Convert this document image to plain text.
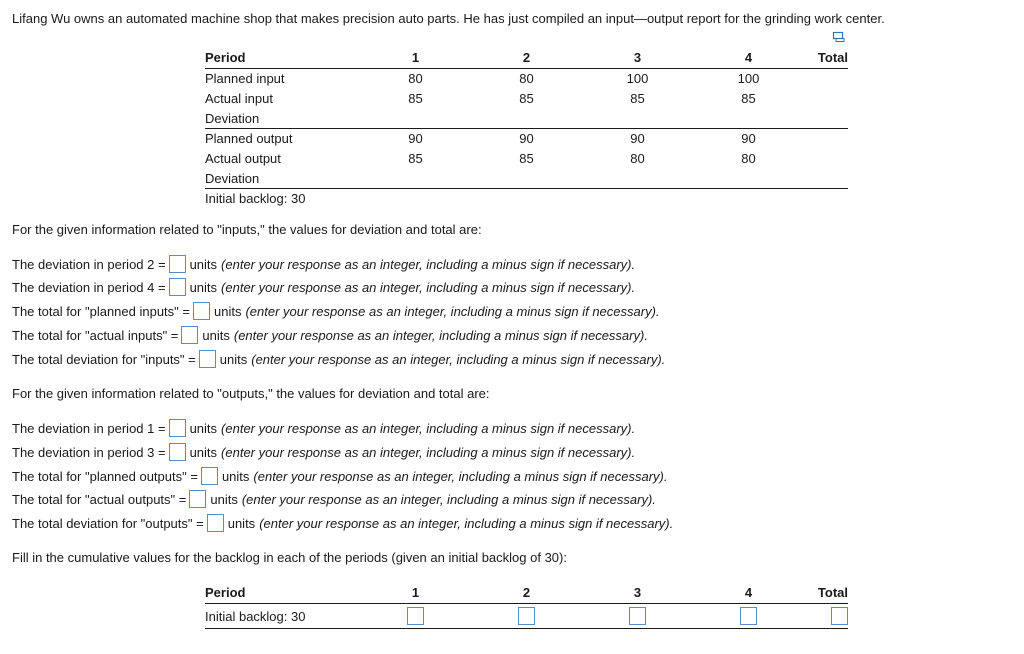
Lifang Wu owns an automated machine shop that makes precision auto parts. He has just compiled an input—output report for the grinding work center.
Period	1	2	3	4	Total
Planned input	80	80	100	100	
Actual input	85	85	85	85	
Deviation					
Planned output	90	90	90	90	
Actual output	85	85	80	80	
Deviation					
Initial backlog: 30					
For the given information related to "inputs," the values for deviation and total are:
The deviation in period 2 = units (enter your response as an integer, including a minus sign if necessary).
The deviation in period 4 = units (enter your response as an integer, including a minus sign if necessary).
The total for "planned inputs" = units (enter your response as an integer, including a minus sign if necessary).
The total for "actual inputs" = units (enter your response as an integer, including a minus sign if necessary).
The total deviation for "inputs" = units (enter your response as an integer, including a minus sign if necessary).
For the given information related to "outputs," the values for deviation and total are:
The deviation in period 1 = units (enter your response as an integer, including a minus sign if necessary).
The deviation in period 3 = units (enter your response as an integer, including a minus sign if necessary).
The total for "planned outputs" = units (enter your response as an integer, including a minus sign if necessary).
The total for "actual outputs" = units (enter your response as an integer, including a minus sign if necessary).
The total deviation for "outputs" = units (enter your response as an integer, including a minus sign if necessary).
Fill in the cumulative values for the backlog in each of the periods (given an initial backlog of 30):
Period	1	2	3	4	Total
Initial backlog: 30					
